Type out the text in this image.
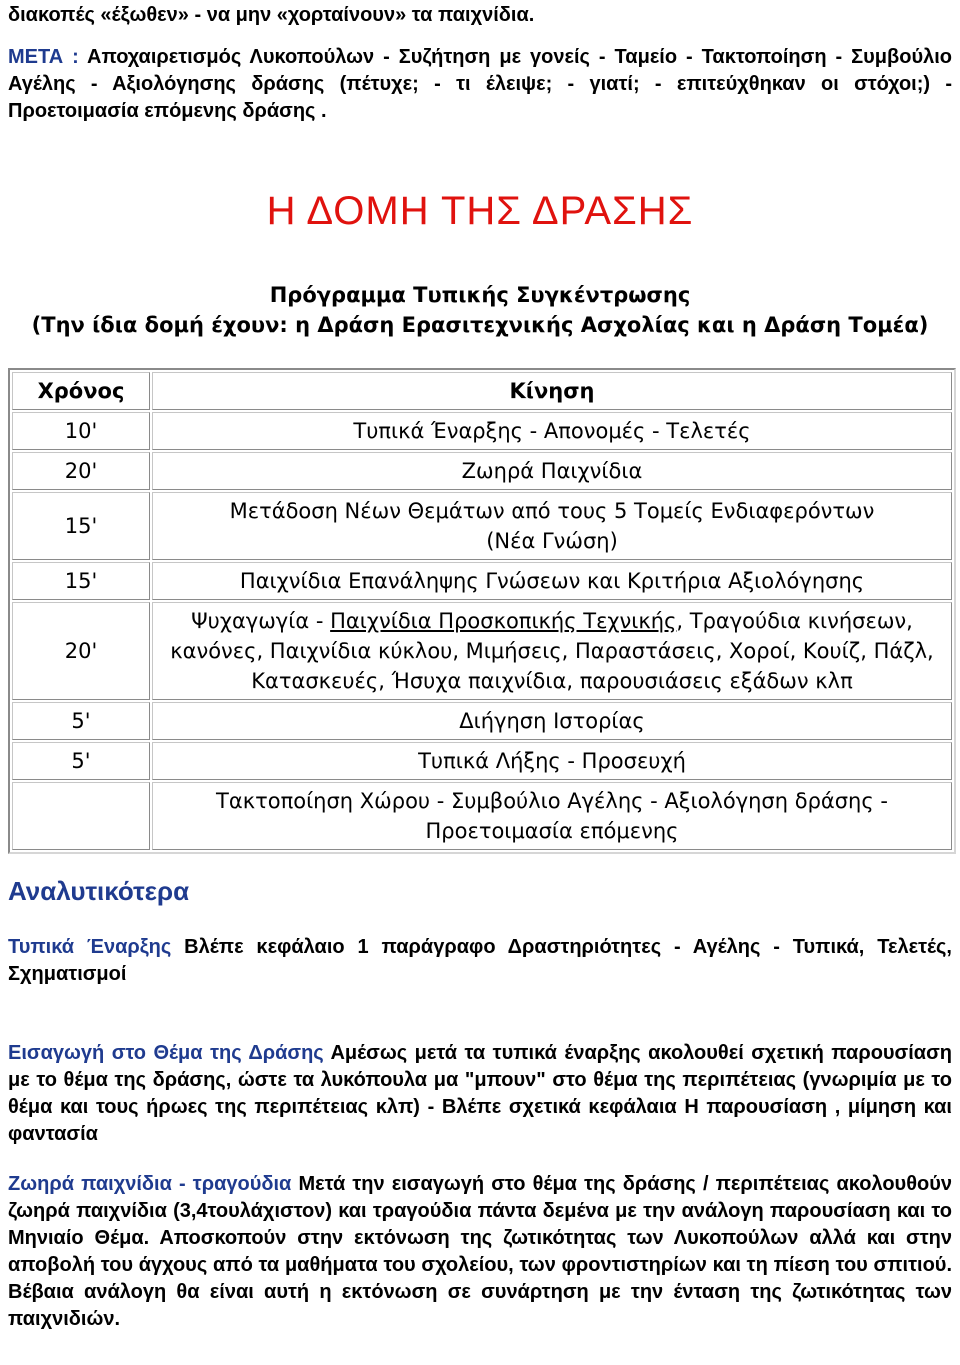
διακοπές «έξωθεν» - να μην «χορταίνουν» τα παιχνίδια.
ΜΕΤΑ : Αποχαιρετισμός Λυκοπούλων - Συζήτηση με γονείς - Ταμείο - Τακτοποίηση - Συμβούλιο Αγέλης - Αξιολόγησης δράσης (πέτυχε; - τι έλειψε; - γιατί; - επιτεύχθηκαν οι στόχοι;) - Προετοιμασία επόμενης δράσης .
Η ΔΟΜΗ ΤΗΣ ΔΡΑΣΗΣ
Πρόγραμμα Τυπικής Συγκέντρωσης
(Την ίδια δομή έχουν: η Δράση Ερασιτεχνικής Ασχολίας και η Δράση Τομέα)
Χρόνος	Κίνηση
10'	Τυπικά Έναρξης - Απονομές - Τελετές
20'	Ζωηρά Παιχνίδια
15'	Μετάδοση Νέων Θεμάτων από τους 5 Τομείς Ενδιαφερόντων
(Νέα Γνώση)

15'	Παιχνίδια Επανάληψης Γνώσεων και Κριτήρια Αξιολόγησης
20'	Ψυχαγωγία - Παιχνίδια Προσκοπικής Τεχνικής, Τραγούδια κινήσεων, κανόνες, Παιχνίδια κύκλου, Μιμήσεις, Παραστάσεις, Χοροί, Κουίζ, Πάζλ, Κατασκευές, Ήσυχα παιχνίδια, παρουσιάσεις εξάδων κλπ
5'	Διήγηση Ιστορίας
5'	Τυπικά Λήξης - Προσευχή

	Τακτοποίηση Χώρου - Συμβούλιο Αγέλης - Αξιολόγηση δράσης -
Προετοιμασία επόμενης
Αναλυτικότερα
Τυπικά Έναρξης Βλέπε κεφάλαιο 1 παράγραφο Δραστηριότητες - Αγέλης - Τυπικά, Τελετές, Σχηματισμοί
Εισαγωγή στο Θέμα της Δράσης Αμέσως μετά τα τυπικά έναρξης ακολουθεί σχετική παρουσίαση με το θέμα της δράσης, ώστε τα λυκόπουλα μα "μπουν" στο θέμα της περιπέτειας (γνωριμία με το θέμα και τους ήρωες της περιπέτειας κλπ) - Βλέπε σχετικά κεφάλαια Η παρουσίαση , μίμηση και φαντασία
Ζωηρά παιχνίδια - τραγούδια Μετά την εισαγωγή στο θέμα της δράσης / περιπέτειας ακολουθούν ζωηρά παιχνίδια (3,4τουλάχιστον) και τραγούδια πάντα δεμένα με την ανάλογη παρουσίαση και το Μηνιαίο Θέμα. Αποσκοπούν στην εκτόνωση της ζωτικότητας των Λυκοπούλων αλλά και στην αποβολή του άγχους από τα μαθήματα του σχολείου, των φροντιστηρίων και τη πίεση του σπιτιού. Βέβαια ανάλογη θα είναι αυτή η εκτόνωση σε συνάρτηση με την ένταση της ζωτικότητας των παιχνιδιών.
